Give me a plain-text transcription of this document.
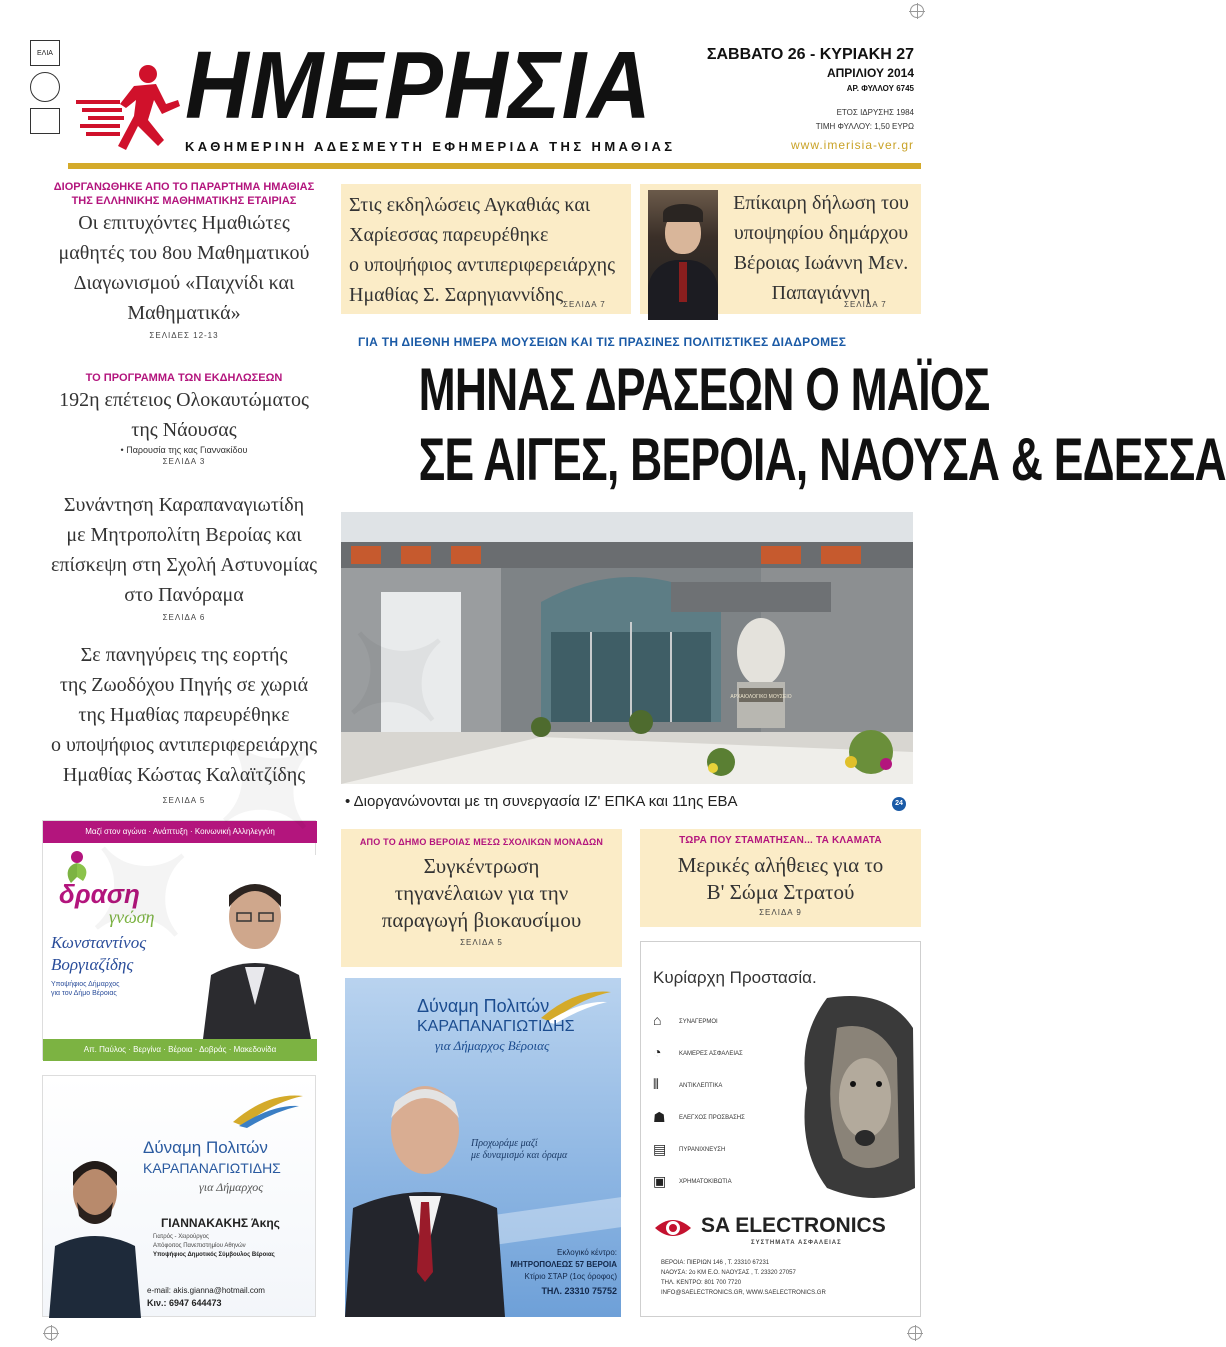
ΕΛΙΑ ΗΜΕΡΗΣΙΑ
ΚΑΘΗΜΕΡΙΝΗ ΑΔΕΣΜΕΥΤΗ ΕΦΗΜΕΡΙΔΑ ΤΗΣ ΗΜΑΘΙΑΣ
ΣΑΒΒΑΤΟ 26 - ΚΥΡΙΑΚΗ 27
ΑΠΡΙΛΙΟΥ 2014
ΑΡ. ΦΥΛΛΟΥ 6745
ΕΤΟΣ ΙΔΡΥΣΗΣ 1984
ΤΙΜΗ ΦΥΛΛΟΥ: 1,50 ΕΥΡΩ
www.imerisia-ver.gr
ΔΙΟΡΓΑΝΩΘΗΚΕ ΑΠΟ ΤΟ ΠΑΡΑΡΤΗΜΑ ΗΜΑΘΙΑΣ
ΤΗΣ ΕΛΛΗΝΙΚΗΣ ΜΑΘΗΜΑΤΙΚΗΣ ΕΤΑΙΡΙΑΣ
Οι επιτυχόντες Ημαθιώτες
μαθητές του 8ου Μαθηματικού
Διαγωνισμού «Παιχνίδι και
Μαθηματικά»
ΣΕΛΙΔΕΣ 12-13
ΤΟ ΠΡΟΓΡΑΜΜΑ ΤΩΝ ΕΚΔΗΛΩΣΕΩΝ
192η επέτειος Ολοκαυτώματος
της Νάουσας
• Παρουσία της κας Γιαννακίδου
ΣΕΛΙΔΑ 3
Συνάντηση Καραπαναγιωτίδη
με Μητροπολίτη Βεροίας και
επίσκεψη στη Σχολή Αστυνομίας
στο Πανόραμα
ΣΕΛΙΔΑ 6
Σε πανηγύρεις της εορτής
της Ζωοδόχου Πηγής σε χωριά
της Ημαθίας παρευρέθηκε
ο υποψήφιος αντιπεριφερειάρχης
Ημαθίας Κώστας Καλαϊτζίδης
ΣΕΛΙΔΑ 5
Στις εκδηλώσεις Αγκαθιάς και
Χαρίεσσας παρευρέθηκε
ο υποψήφιος αντιπεριφερειάρχης
Ημαθίας Σ. Σαρηγιαννίδης ΣΕΛΙΔΑ 7
Επίκαιρη δήλωση του
υποψηφίου δημάρχου
Βέροιας Ιωάννη Μεν.
Παπαγιάννη
ΣΕΛΙΔΑ 7
ΓΙΑ ΤΗ ΔΙΕΘΝΗ ΗΜΕΡΑ ΜΟΥΣΕΙΩΝ ΚΑΙ ΤΙΣ ΠΡΑΣΙΝΕΣ ΠΟΛΙΤΙΣΤΙΚΕΣ ΔΙΑΔΡΟΜΕΣ
ΜΗΝΑΣ ΔΡΑΣΕΩΝ Ο ΜΑΪΟΣ
ΣΕ ΑΙΓΕΣ, ΒΕΡΟΙΑ, ΝΑΟΥΣΑ & ΕΔΕΣΣΑ
ΑΡΧΑΙΟΛΟΓΙΚΟ ΜΟΥΣΕΙΟ
• Διοργανώνονται με τη συνεργασία ΙΖ' ΕΠΚΑ και 11ης ΕΒΑ	24
ΑΠΟ ΤΟ ΔΗΜΟ ΒΕΡΟΙΑΣ ΜΕΣΩ ΣΧΟΛΙΚΩΝ ΜΟΝΑΔΩΝ
Συγκέντρωση
τηγανέλαιων για την
παραγωγή βιοκαυσίμου
ΣΕΛΙΔΑ 5
ΤΩΡΑ ΠΟΥ ΣΤΑΜΑΤΗΣΑΝ... ΤΑ ΚΛΑΜΑΤΑ
Μερικές αλήθειες για το
Β' Σώμα Στρατού
ΣΕΛΙΔΑ 9
Μαζί στον αγώνα · Ανάπτυξη · Κοινωνική Αλληλεγγύη
Απ. Παύλος · Βεργίνα · Βέροια · Δοβράς · Μακεδονίδα
δραση
γνώση
Κωνσταντίνος
Βοργιαζίδης
Υποψήφιος Δήμαρχος
για τον Δήμο Βέροιας
Δύναμη Πολιτών
ΚΑΡΑΠΑΝΑΓΙΩΤΙΔΗΣ
για Δήμαρχος
ΓΙΑΝΝΑΚΑΚΗΣ Άκης
Γιατρός - Χειρούργος
Απόφοιτος Πανεπιστημίου Αθηνών
Υποψήφιος Δημοτικός Σύμβουλος Βέροιας
e-mail: akis.gianna@hotmail.com
Κιν.: 6947 644473
Δύναμη Πολιτών
ΚΑΡΑΠΑΝΑΓΙΩΤΙΔΗΣ
για Δήμαρχος Βέροιας
Προχωράμε μαζί
με δυναμισμό και όραμα
Εκλογικό κέντρο:
ΜΗΤΡΟΠΟΛΕΩΣ 57 ΒΕΡΟΙΑ
Κτίριο ΣΤΑΡ (1ος όροφος)
ΤΗΛ. 23310 75752
Κυρίαρχη Προστασία.
⌂	ΣΥΝΑΓΕΡΜΟΙ
◔	ΚΑΜΕΡΕΣ ΑΣΦΑΛΕΙΑΣ
⫴	ΑΝΤΙΚΛΕΠΤΙΚΑ
☗	ΕΛΕΓΧΟΣ ΠΡΟΣΒΑΣΗΣ
▤	ΠΥΡΑΝΙΧΝΕΥΣΗ
▣	ΧΡΗΜΑΤΟΚΙΒΩΤΙΑ
SA ELECTRONICS
ΣΥΣΤΗΜΑΤΑ ΑΣΦΑΛΕΙΑΣ
ΒΕΡΟΙΑ: ΠΙΕΡΙΩΝ 146 , Τ. 23310 67231
ΝΑΟΥΣΑ: 2ο ΚΜ Ε.Ο. ΝΑΟΥΣΑΣ , Τ. 23320 27057
ΤΗΛ. ΚΕΝΤΡΟ: 801 700 7720
INFO@SAELECTRONICS.GR, WWW.SAELECTRONICS.GR
